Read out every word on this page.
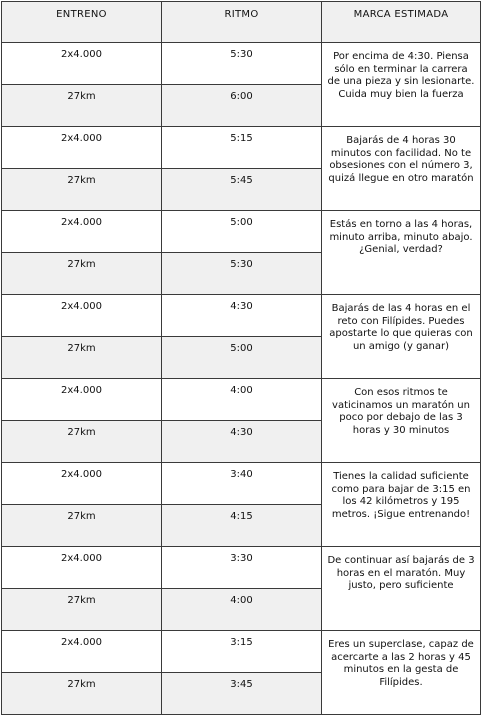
ENTRENO	RITMO	MARCA ESTIMADA
2x4.000	5:30	Por encima de 4:30. Piensa sólo en terminar la carrera de una pieza y sin lesionarte. Cuida muy bien la fuerza
27km	6:00	
2x4.000	5:15	Bajarás de 4 horas 30 minutos con facilidad. No te obsesiones con el número 3, quizá llegue en otro maratón
27km	5:45	
2x4.000	5:00	Estás en torno a las 4 horas, minuto arriba, minuto abajo. ¿Genial, verdad?
27km	5:30	
2x4.000	4:30	Bajarás de las 4 horas en el reto con Filípides. Puedes apostarte lo que quieras con un amigo (y ganar)
27km	5:00	
2x4.000	4:00	Con esos ritmos te vaticinamos un maratón un poco por debajo de las 3 horas y 30 minutos
27km	4:30	
2x4.000	3:40	Tienes la calidad suficiente como para bajar de 3:15 en los 42 kilómetros y 195 metros. ¡Sigue entrenando!
27km	4:15	
2x4.000	3:30	De continuar así bajarás de 3 horas en el maratón. Muy justo, pero suficiente
27km	4:00	
2x4.000	3:15	Eres un superclase, capaz de acercarte a las 2 horas y 45 minutos en la gesta de Filípides.
27km	3:45	
